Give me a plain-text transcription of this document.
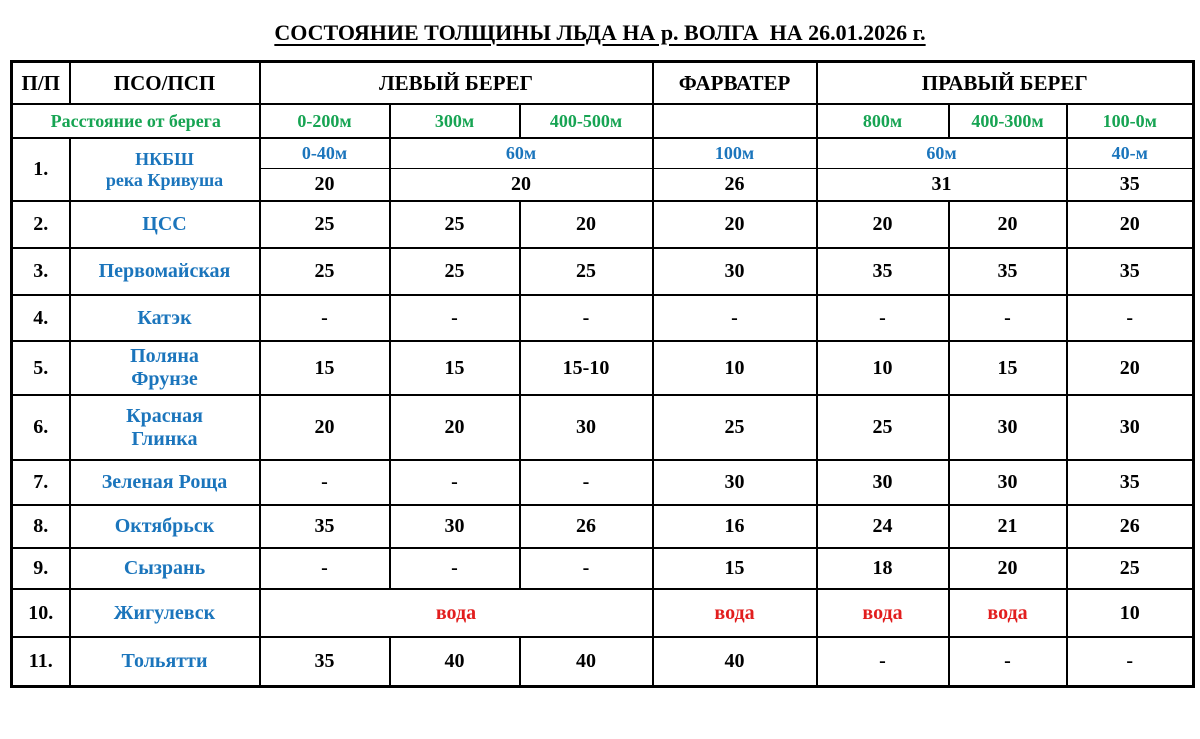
СОСТОЯНИЕ ТОЛЩИНЫ ЛЬДА НА р. ВОЛГА  НА 26.01.2026 г.
П/П	ПСО/ПСП	ЛЕВЫЙ БЕРЕГ			ФАРВАТЕР	ПРАВЫЙ БЕРЕГ		
Расстояние от берега		0-200м	300м	400-500м		800м	400-300м	100-0м
1.	НКБШ
река Кривуша	0-40м	60м		100м	60м		40-м
		20	20		26	31		35
2.	ЦСС	25	25	20	20	20	20	20
3.	Первомайская	25	25	25	30	35	35	35
4.	Катэк	-	-	-	-	-	-	-
5.	Поляна
Фрунзе	15	15	15-10	10	10	15	20
6.	Красная
Глинка	20	20	30	25	25	30	30
7.	Зеленая Роща	-	-	-	30	30	30	35
8.	Октябрьск	35	30	26	16	24	21	26
9.	Сызрань	-	-	-	15	18	20	25
10.	Жигулевск	вода			вода	вода	вода	10
11.	Тольятти	35	40	40	40	-	-	-
